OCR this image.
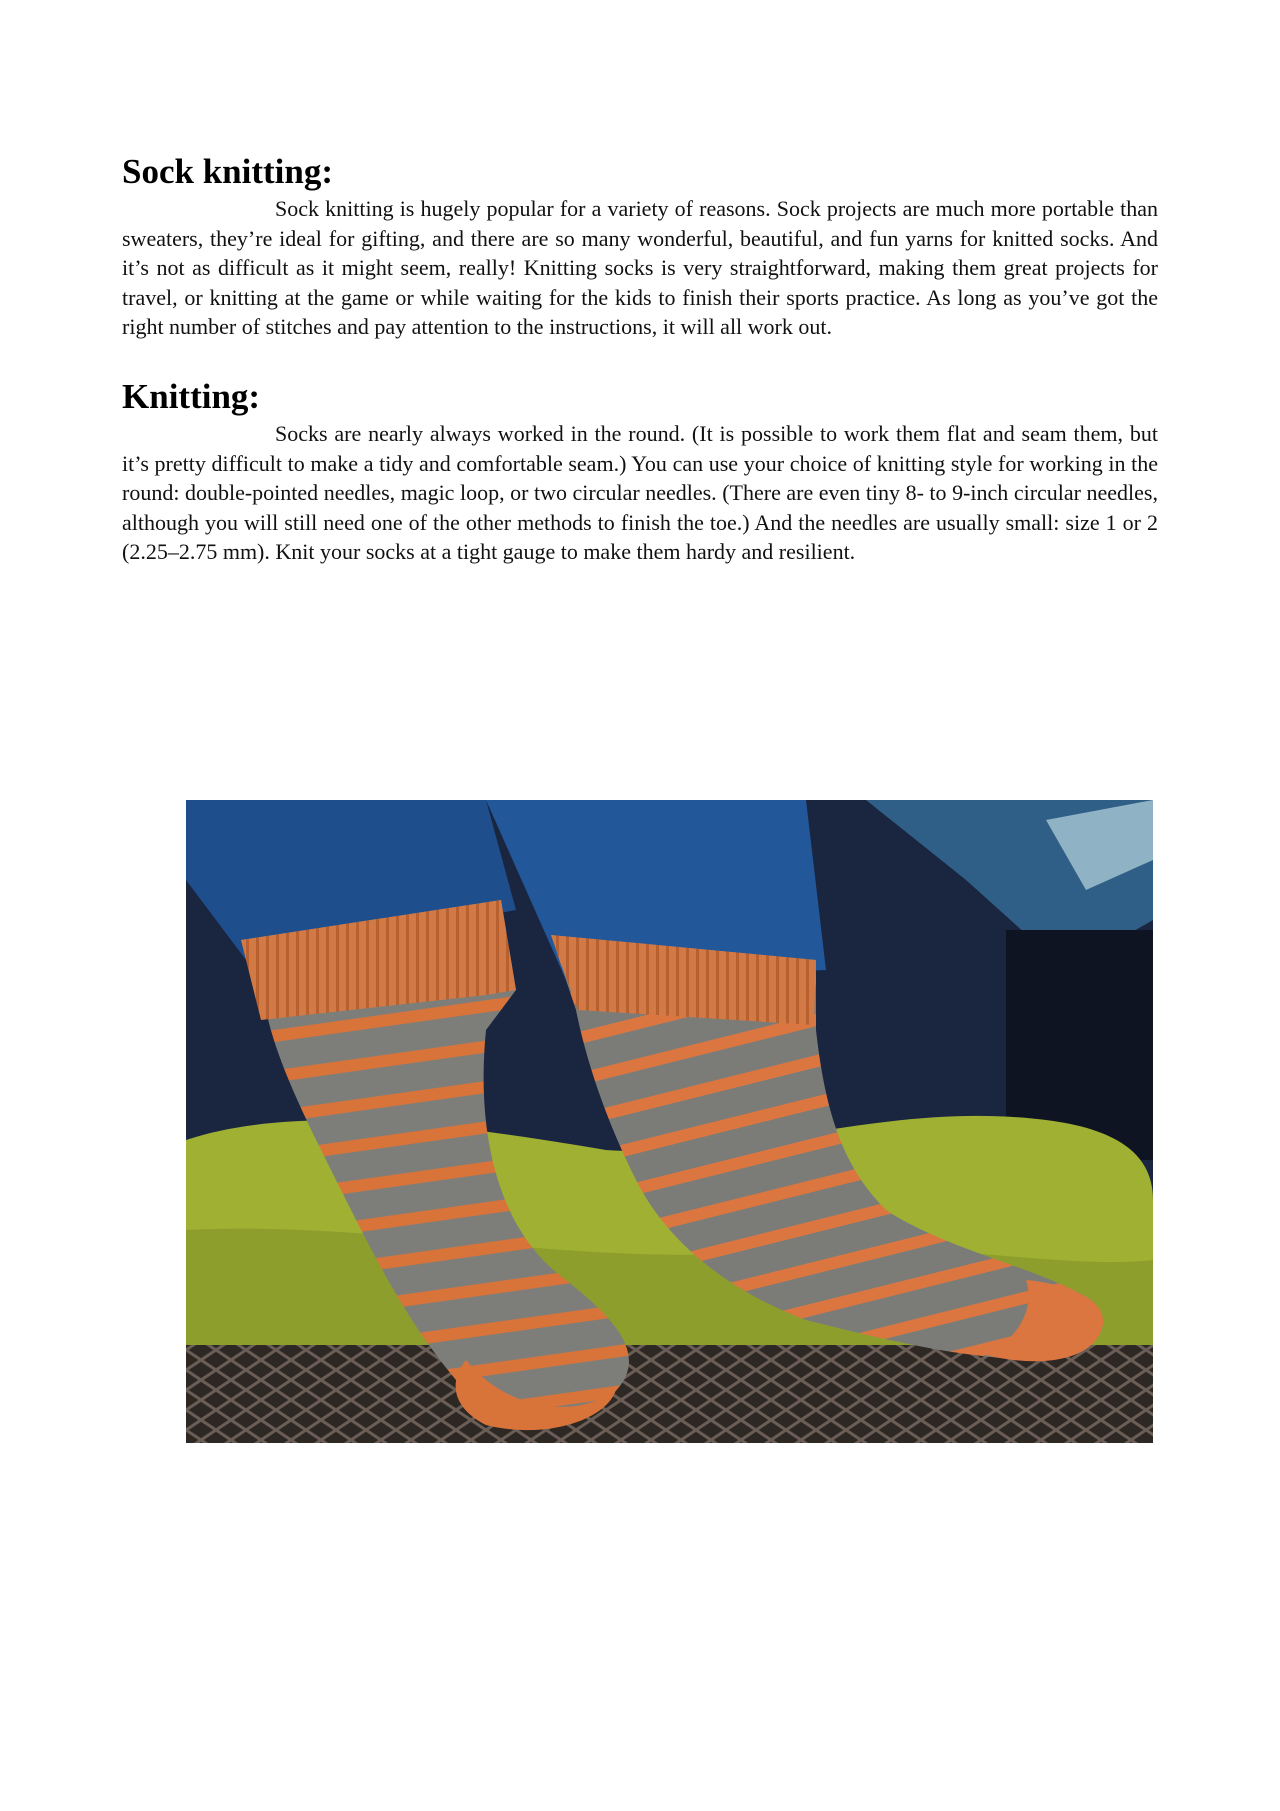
Sock knitting:

Sock knitting is hugely popular for a variety of reasons. Sock projects are much more portable than sweaters, they’re ideal for gifting, and there are so many wonderful, beautiful, and fun yarns for knitted socks. And it’s not as difficult as it might seem, really! Knitting socks is very straightforward, making them great projects for travel, or knitting at the game or while waiting for the kids to finish their sports practice. As long as you’ve got the right number of stitches and pay attention to the instructions, it will all work out.

Knitting:

Socks are nearly always worked in the round. (It is possible to work them flat and seam them, but it’s pretty difficult to make a tidy and comfortable seam.) You can use your choice of knitting style for working in the round: double-pointed needles, magic loop, or two circular needles. (There are even tiny 8- to 9-inch circular needles, although you will still need one of the other methods to finish the toe.) And the needles are usually small: size 1 or 2 (2.25–2.75 mm). Knit your socks at a tight gauge to make them hardy and resilient.
